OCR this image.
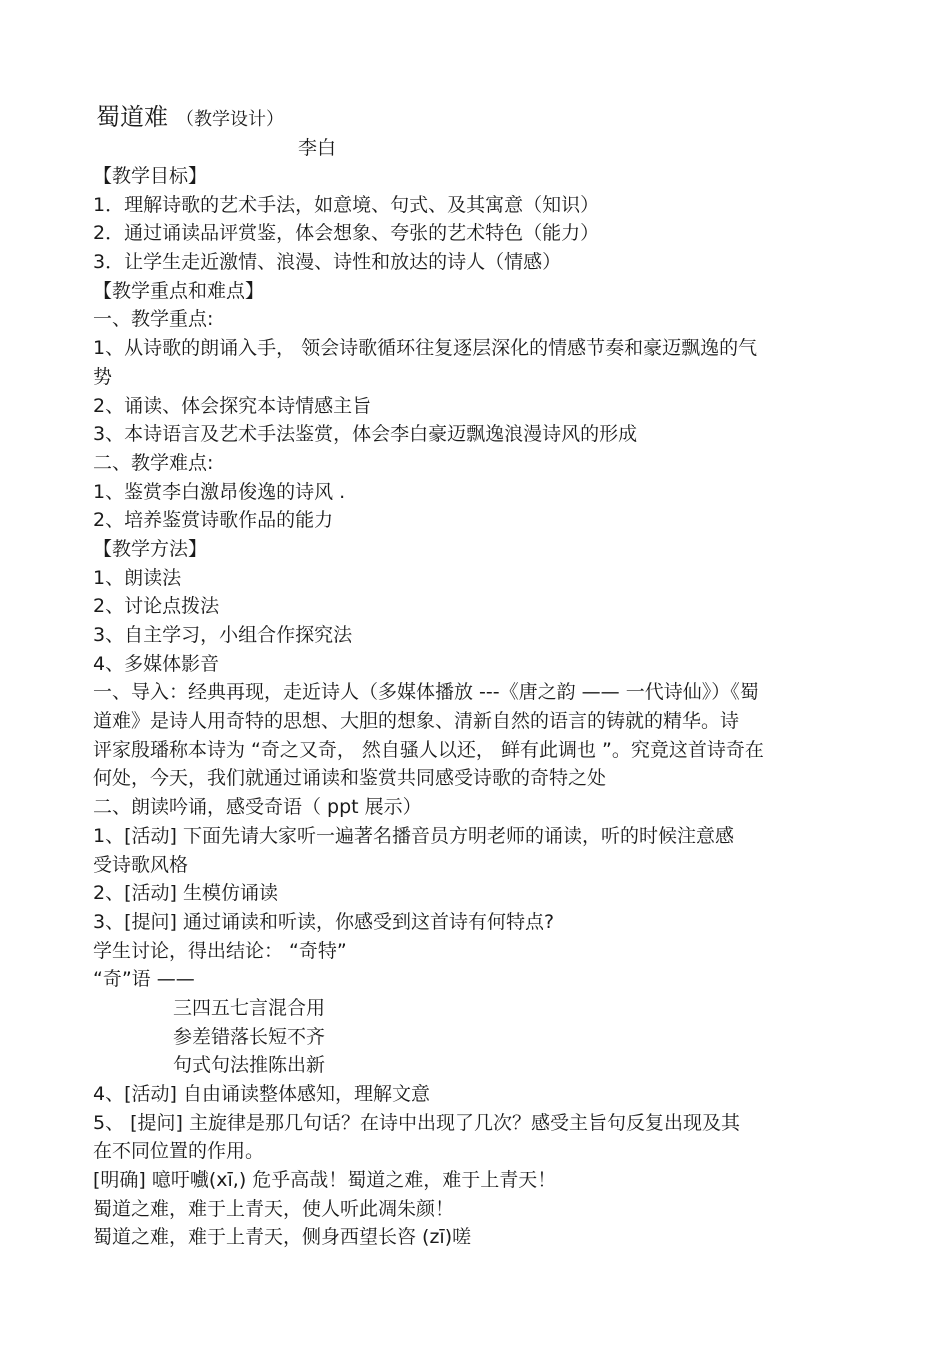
蜀道难 （教学设计）
李白
【教学目标】
1．理解诗歌的艺术手法，如意境、句式、及其寓意（知识）
2．通过诵读品评赏鉴，体会想象、夸张的艺术特色（能力）
3．让学生走近激情、浪漫、诗性和放达的诗人（情感）
【教学重点和难点】
一、教学重点:
1、从诗歌的朗诵入手， 领会诗歌循环往复逐层深化的情感节奏和豪迈飘逸的气
势
2、诵读、体会探究本诗情感主旨
3、本诗语言及艺术手法鉴赏，体会李白豪迈飘逸浪漫诗风的形成
二、教学难点:
1、鉴赏李白激昂俊逸的诗风 .
2、培养鉴赏诗歌作品的能力
【教学方法】
1、朗读法
2、讨论点拨法
3、自主学习，小组合作探究法
4、多媒体影音
一、导入：经典再现，走近诗人（多媒体播放 ---《唐之韵 —— 一代诗仙》）《蜀
道难》是诗人用奇特的思想、大胆的想象、清新自然的语言的铸就的精华。诗
评家殷璠称本诗为 “奇之又奇， 然自骚人以还， 鲜有此调也 ”。究竟这首诗奇在
何处，今天，我们就通过诵读和鉴赏共同感受诗歌的奇特之处
二、朗读吟诵，感受奇语（ ppt 展示）
1、[活动] 下面先请大家听一遍著名播音员方明老师的诵读，听的时候注意感
受诗歌风格
2、[活动] 生模仿诵读
3、[提问] 通过诵读和听读，你感受到这首诗有何特点?
学生讨论，得出结论： “奇特”
“奇”语 ——
三四五七言混合用
参差错落长短不齐
句式句法推陈出新
4、[活动] 自由诵读整体感知，理解文意
5、 [提问] 主旋律是那几句话？在诗中出现了几次？感受主旨句反复出现及其
在不同位置的作用。
[明确] 噫吁嚱(xī,) 危乎高哉！蜀道之难，难于上青天！
蜀道之难，难于上青天，使人听此凋朱颜！
蜀道之难，难于上青天，侧身西望长咨 (zī)嗟
